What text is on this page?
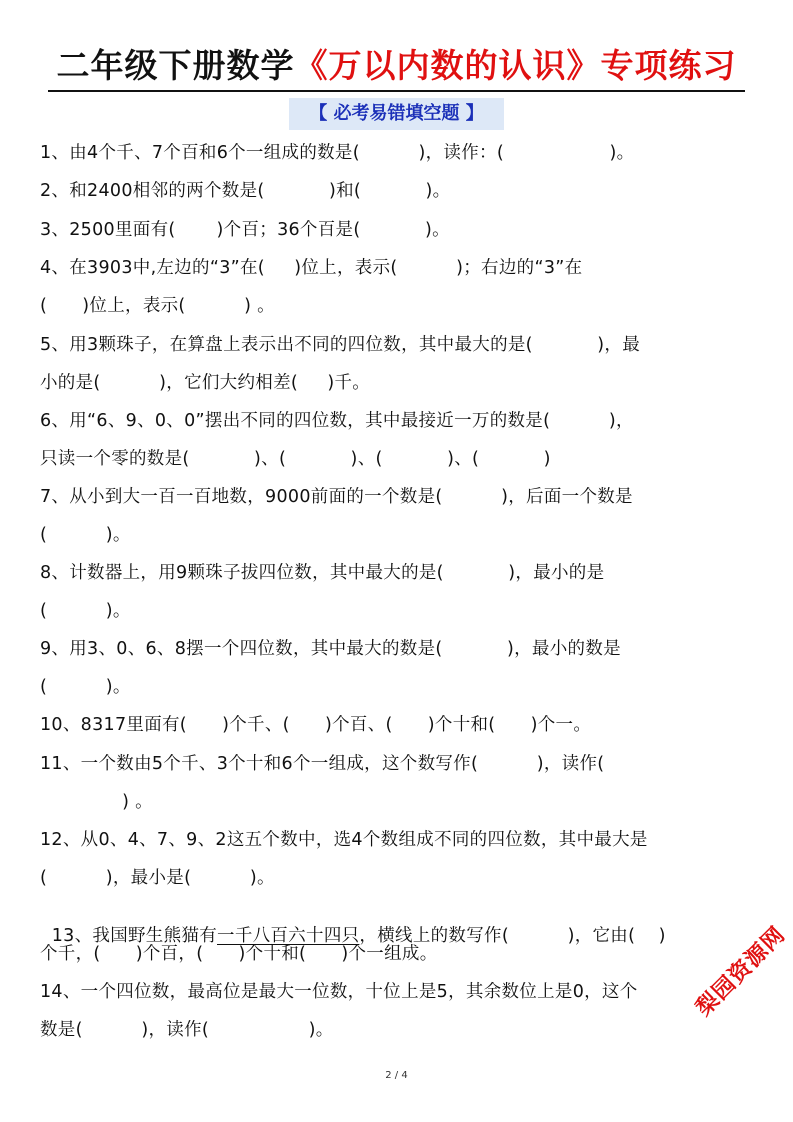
二年级下册数学《万以内数的认识》专项练习
【 必考易错填空题 】
1、由4个千、7个百和6个一组成的数是(          )，读作：(                  )。
2、和2400相邻的两个数是(           )和(           )。
3、2500里面有(       )个百；36个百是(           )。
4、在3903中,左边的“3”在(     )位上，表示(          )；右边的“3”在
(      )位上，表示(          ) 。
5、用3颗珠子，在算盘上表示出不同的四位数，其中最大的是(           )，最
小的是(          )，它们大约相差(     )千。
6、用“6、9、0、0”摆出不同的四位数，其中最接近一万的数是(          )，
只读一个零的数是(           )、(           )、(           )、(           )
7、从小到大一百一百地数，9000前面的一个数是(          )，后面一个数是
(          )。
8、计数器上，用9颗珠子拔四位数，其中最大的是(           )，最小的是
(          )。
9、用3、0、6、8摆一个四位数，其中最大的数是(           )，最小的数是
(          )。
10、8317里面有(      )个千、(      )个百、(      )个十和(      )个一。
11、一个数由5个千、3个十和6个一组成，这个数写作(          )，读作(
) 。
12、从0、4、7、9、2这五个数中，选4个数组成不同的四位数，其中最大是
(          )，最小是(          )。

13、我国野生熊猫有一千八百六十四只，横线上的数写作(          )，它由(    )

个千，(      )个百，(      )个十和(      )个一组成。
14、一个四位数，最高位是最大一位数，十位上是5，其余数位上是0，这个
数是(          )，读作(                 )。
梨园资源网
2 / 4
